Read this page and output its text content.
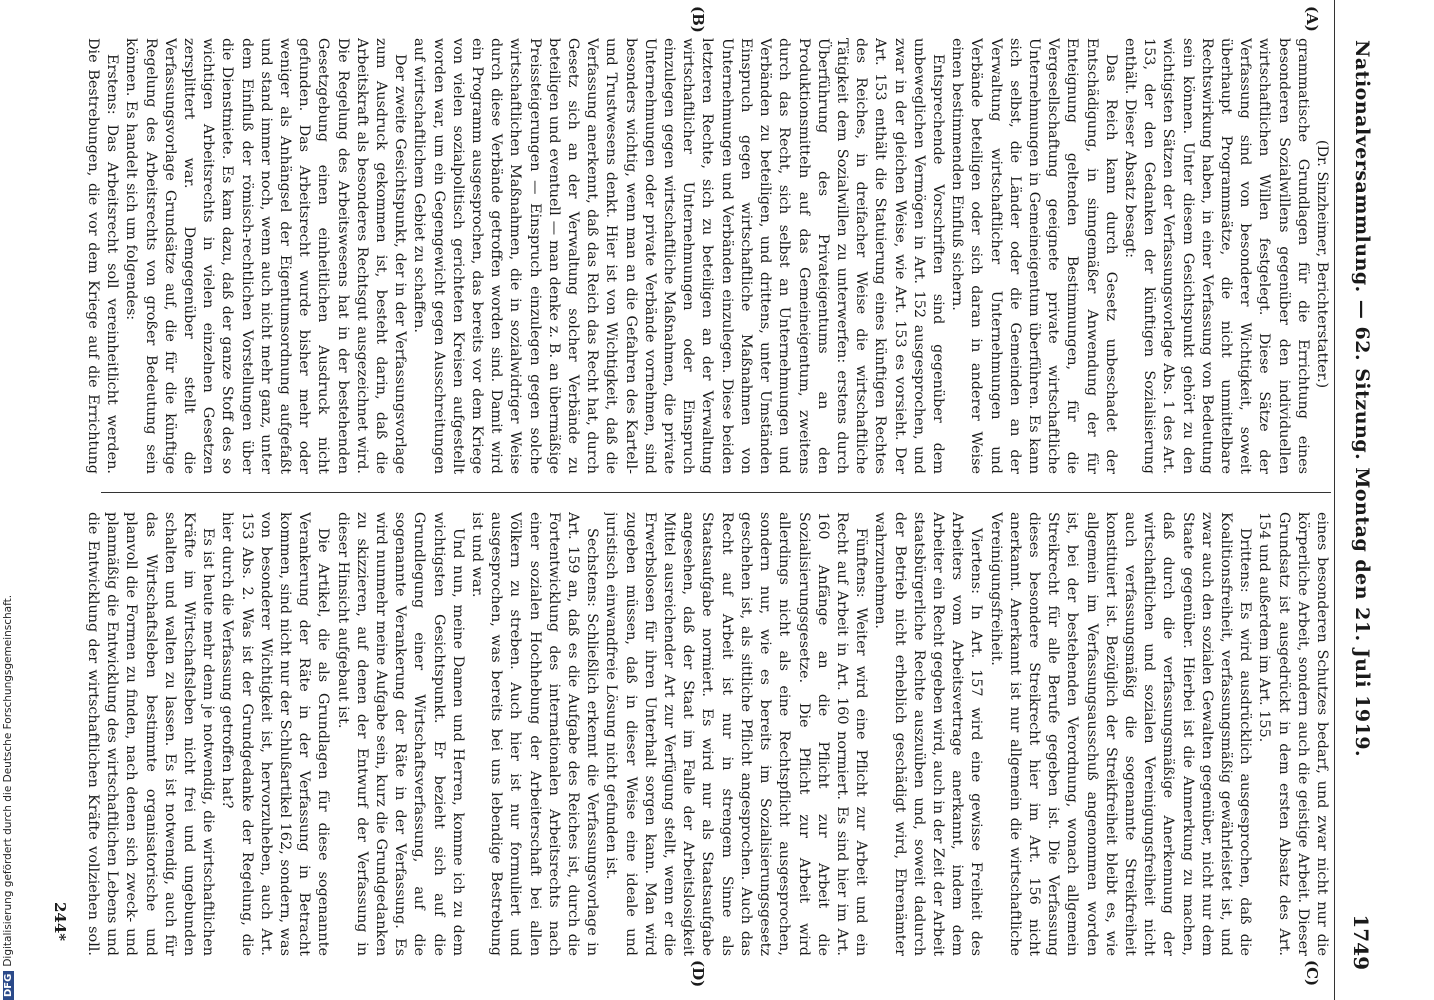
Nationalversammlung. — 62. Sitzung. Montag den 21. Juli 1919.
1749
(A)
(B)
(C)
(D)

(Dr. Sinzheimer, Berichterstatter.)

grammatische Grundlagen für die Errichtung eines besonderen Sozialwillens gegenüber den individuellen wirtschaftlichen Willen festgelegt. Diese Sätze der Verfassung sind von besonderer Wichtigkeit, soweit überhaupt Programmsätze, die nicht unmittelbare Rechtswirkung haben, in einer Verfassung von Bedeutung sein können. Unter diesem Gesichtspunkt gehört zu den wichtigsten Sätzen der Verfassungsvorlage Abs. 1 des Art. 153, der den Gedanken der künftigen Sozialisierung enthält. Dieser Absatz besagt:

Das Reich kann durch Gesetz unbeschadet der Entschädigung, in sinngemäßer Anwendung der für Enteignung geltenden Bestimmungen, für die Vergesellschaftung geeignete private wirtschaftliche Unternehmungen in Gemeineigentum überführen. Es kann sich selbst, die Länder oder die Gemeinden an der Verwaltung wirtschaftlicher Unternehmungen und Verbände beteiligen oder sich daran in anderer Weise einen bestimmenden Einfluß sichern.

Entsprechende Vorschriften sind gegenüber dem unbeweglichen Vermögen in Art. 152 ausgesprochen, und zwar in der gleichen Weise, wie Art. 153 es vorsieht. Der Art. 153 enthält die Statuierung eines künftigen Rechtes des Reiches, in dreifacher Weise die wirtschaftliche Tätigkeit dem Sozialwillen zu unterwerfen: erstens durch Überführung des Privateigentums an den Produktionsmitteln auf das Gemeineigentum, zweitens durch das Recht, sich selbst an Unternehmungen und Verbänden zu beteiligen, und drittens, unter Umständen Einspruch gegen wirtschaftliche Maßnahmen von Unternehmungen und Verbänden einzulegen. Diese beiden letzteren Rechte, sich zu beteiligen an der Verwaltung wirtschaftlicher Unternehmungen oder Einspruch einzulegen gegen wirtschaftliche Maßnahmen, die private Unternehmungen oder private Verbände vornehmen, sind besonders wichtig, wenn man an die Gefahren des Kartell- und Trustwesens denkt. Hier ist von Wichtigkeit, daß die Verfassung anerkennt, daß das Reich das Recht hat, durch Gesetz sich an der Verwaltung solcher Verbände zu beteiligen und eventuell — man denke z. B. an übermäßige Preissteigerungen — Einspruch einzulegen gegen solche wirtschaftlichen Maßnahmen, die in sozialwidriger Weise durch diese Verbände getroffen worden sind. Damit wird ein Programm ausgesprochen, das bereits vor dem Kriege von vielen sozialpolitisch gerichteten Kreisen aufgestellt worden war, um ein Gegengewicht gegen Ausschreitungen auf wirtschaftlichem Gebiet zu schaffen.

Der zweite Gesichtspunkt, der in der Verfassungsvorlage zum Ausdruck gekommen ist, besteht darin, daß die Arbeitskraft als besonderes Rechtsgut ausgezeichnet wird. Die Regelung des Arbeitswesens hat in der bestehenden Gesetzgebung einen einheitlichen Ausdruck nicht gefunden. Das Arbeitsrecht wurde bisher mehr oder weniger als Anhängsel der Eigentumsordnung aufgefaßt und stand immer noch, wenn auch nicht mehr ganz, unter dem Einfluß der römisch-rechtlichen Vorstellungen über die Dienstmiete. Es kam dazu, daß der ganze Stoff des so wichtigen Arbeitsrechts in vielen einzelnen Gesetzen zersplittert war. Demgegenüber stellt die Verfassungsvorlage Grundsätze auf, die für die künftige Regelung des Arbeitsrechts von großer Bedeutung sein können. Es handelt sich um folgendes:

Erstens: Das Arbeitsrecht soll vereinheitlicht werden. Die Bestrebungen, die vor dem Kriege auf die Errichtung

eines besonderen Schutzes bedarf, und zwar nicht nur die körperliche Arbeit, sondern auch die geistige Arbeit. Dieser Grundsatz ist ausgedrückt in dem ersten Absatz des Art. 154 und außerdem im Art. 155.

Drittens: Es wird ausdrücklich ausgesprochen, daß die Koalitionsfreiheit, verfassungsmäßig gewährleistet ist, und zwar auch den sozialen Gewalten gegenüber, nicht nur dem Staate gegenüber. Hierbei ist die Anmerkung zu machen, daß durch die verfassungsmäßige Anerkennung der wirtschaftlichen und sozialen Vereinigungsfreiheit nicht auch verfassungsmäßig die sogenannte Streikfreiheit konstituiert ist. Bezüglich der Streikfreiheit bleibt es, wie allgemein im Verfassungsausschuß angenommen worden ist, bei der bestehenden Verordnung, wonach allgemein Streikrecht für alle Berufe gegeben ist. Die Verfassung dieses besondere Streikrecht hier im Art. 156 nicht anerkannt. Anerkannt ist nur allgemein die wirtschaftliche Vereinigungsfreiheit.

Viertens: In Art. 157 wird eine gewisse Freiheit des Arbeiters vom Arbeitsvertrage anerkannt, indem dem Arbeiter ein Recht gegeben wird, auch in der Zeit der Arbeit staatsbürgerliche Rechte auszuüben und, soweit dadurch der Betrieb nicht erheblich geschädigt wird, Ehrenämter wahrzunehmen.

Fünftens: Weiter wird eine Pflicht zur Arbeit und ein Recht auf Arbeit in Art. 160 normiert. Es sind hier im Art. 160 Anfänge an die Pflicht zur Arbeit die Sozialisierungsgesetze. Die Pflicht zur Arbeit wird allerdings nicht als eine Rechtspflicht ausgesprochen, sondern nur, wie es bereits im Sozialisierungsgesetz geschehen ist, als sittliche Pflicht angesprochen. Auch das Recht auf Arbeit ist nur in strengem Sinne als Staatsaufgabe normiert. Es wird nur als Staatsaufgabe angesehen, daß der Staat im Falle der Arbeitslosigkeit Mittel ausreichender Art zur Verfügung stellt, wenn er die Erwerbslosen für ihren Unterhalt sorgen kann. Man wird zugeben müssen, daß in dieser Weise eine ideale und juristisch einwandfreie Lösung nicht gefunden ist.

Sechstens: Schließlich erkennt die Verfassungsvorlage in Art. 159 an, daß es die Aufgabe des Reiches ist, durch die Fortentwicklung des internationalen Arbeitsrechts nach einer sozialen Hochhebung der Arbeiterschaft bei allen Völkern zu streben. Auch hier ist nur formuliert und ausgesprochen, was bereits bei uns lebendige Bestrebung ist und war.

Und nun, meine Damen und Herren, komme ich zu dem wichtigsten Gesichtspunkt. Er bezieht sich auf die Grundlegung einer Wirtschaftsverfassung, auf die sogenannte Verankerung der Räte in der Verfassung. Es wird nunmehr meine Aufgabe sein, kurz die Grundgedanken zu skizzieren, auf denen der Entwurf der Verfassung in dieser Hinsicht aufgebaut ist.

Die Artikel, die als Grundlagen für diese sogenannte Verankerung der Räte in der Verfassung in Betracht kommen, sind nicht nur der Schlußartikel 162, sondern, was von besonderer Wichtigkeit ist, hervorzuheben, auch Art. 153 Abs. 2. Was ist der Grundgedanke der Regelung, die hier durch die Verfassung getroffen hat?

Es ist heute mehr denn je notwendig, die wirtschaftlichen Kräfte im Wirtschaftsleben nicht frei und ungebunden schalten und walten zu lassen. Es ist notwendig, auch für das Wirtschaftsleben bestimmte organisatorische und planvoll die Formen zu finden, nach denen sich zweck- und planmäßig die Entwicklung des wirtschaftlichen Lebens und die Entwicklung der wirtschaftlichen Kräfte vollziehen soll.

244*
DFGDigitalisierung gefördert durch die Deutsche Forschungsgemeinschaft.
